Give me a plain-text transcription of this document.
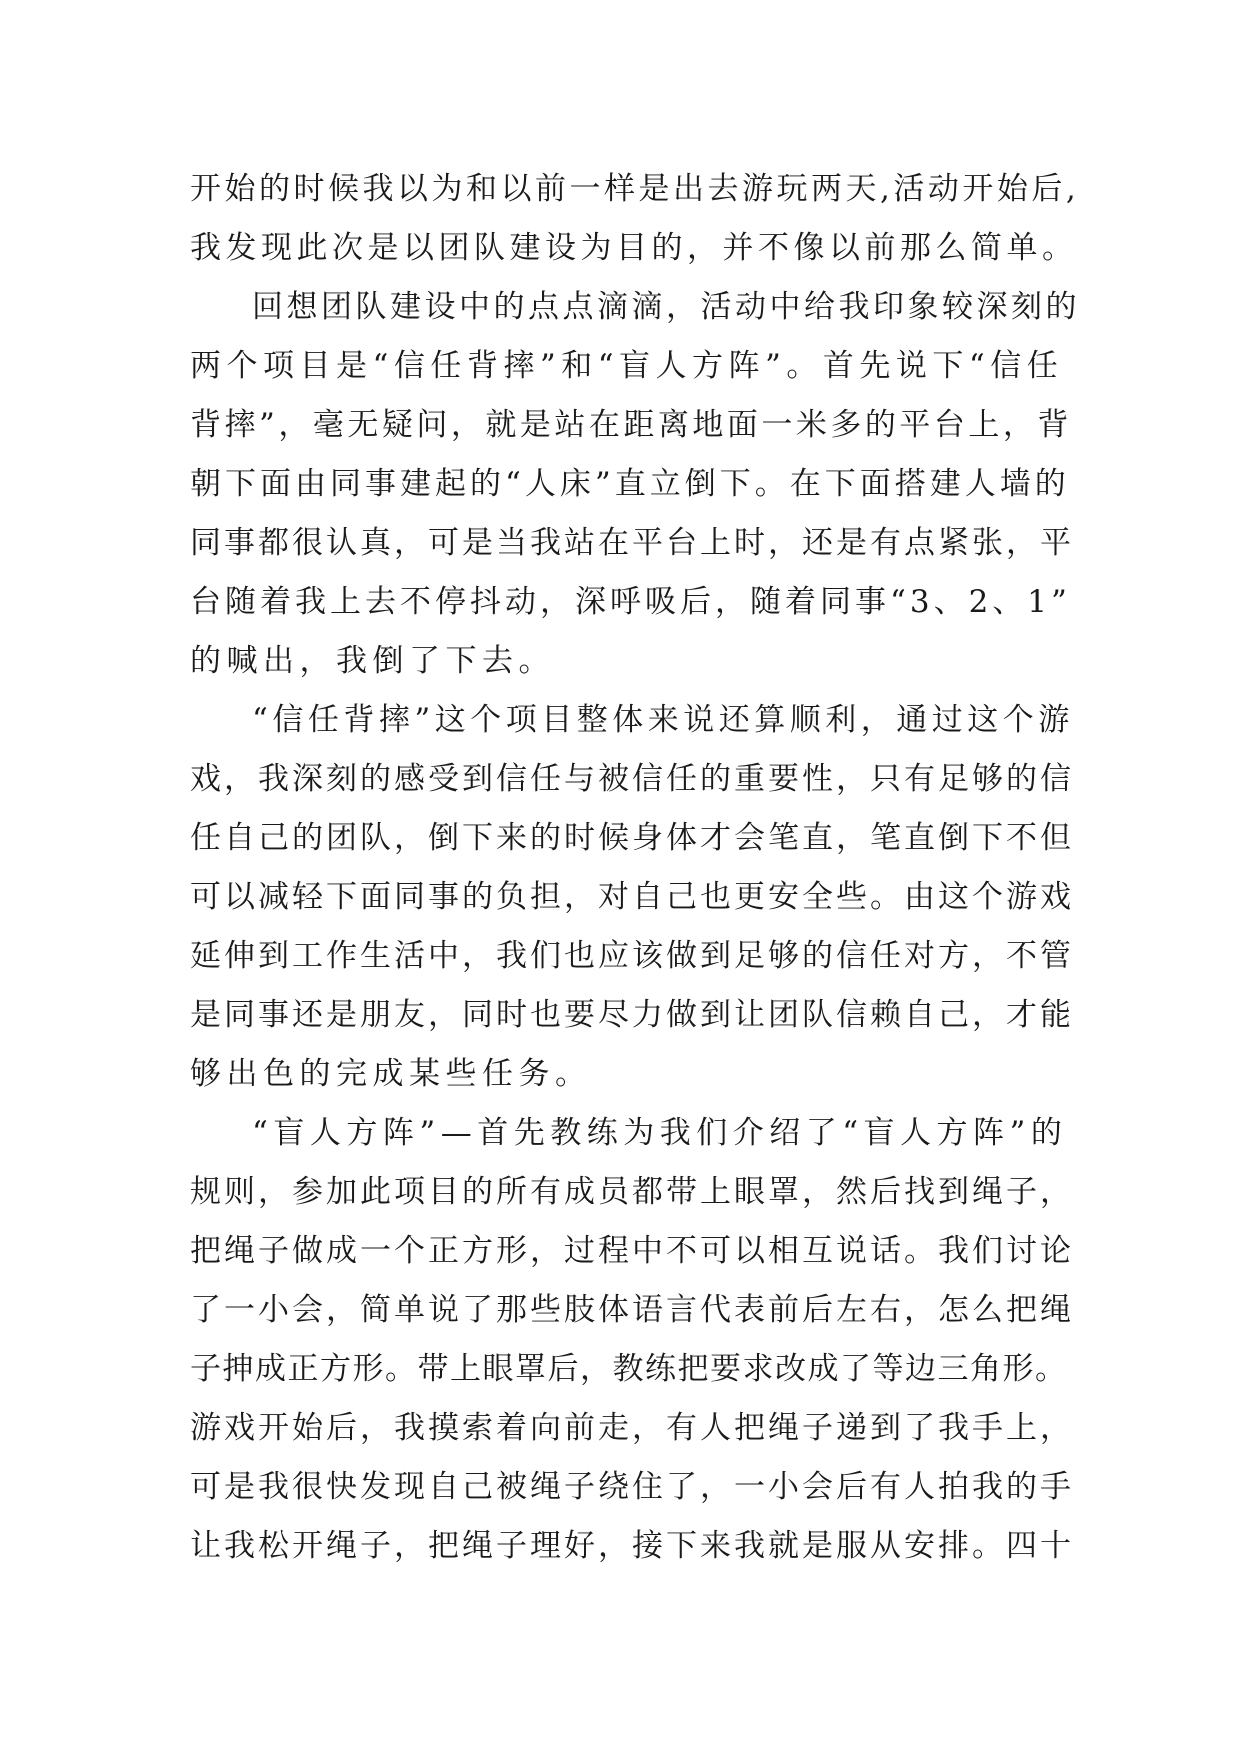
开始的时候我以为和以前一样是出去游玩两天,活动开始后,
我发现此次是以团队建设为目的，并不像以前那么简单。
回想团队建设中的点点滴滴，活动中给我印象较深刻的
两个项目是“信任背摔”和“盲人方阵”。首先说下“信任
背摔”，毫无疑问，就是站在距离地面一米多的平台上，背
朝下面由同事建起的“人床”直立倒下。在下面搭建人墙的
同事都很认真，可是当我站在平台上时，还是有点紧张，平
台随着我上去不停抖动，深呼吸后，随着同事“3、2、1”
的喊出，我倒了下去。
“信任背摔”这个项目整体来说还算顺利，通过这个游
戏，我深刻的感受到信任与被信任的重要性，只有足够的信
任自己的团队，倒下来的时候身体才会笔直，笔直倒下不但
可以减轻下面同事的负担，对自己也更安全些。由这个游戏
延伸到工作生活中，我们也应该做到足够的信任对方，不管
是同事还是朋友，同时也要尽力做到让团队信赖自己，才能
够出色的完成某些任务。
“盲人方阵”—首先教练为我们介绍了“盲人方阵”的
规则，参加此项目的所有成员都带上眼罩，然后找到绳子，
把绳子做成一个正方形，过程中不可以相互说话。我们讨论
了一小会，简单说了那些肢体语言代表前后左右，怎么把绳
子抻成正方形。带上眼罩后，教练把要求改成了等边三角形。
游戏开始后，我摸索着向前走，有人把绳子递到了我手上，
可是我很快发现自己被绳子绕住了，一小会后有人拍我的手
让我松开绳子，把绳子理好，接下来我就是服从安排。四十
